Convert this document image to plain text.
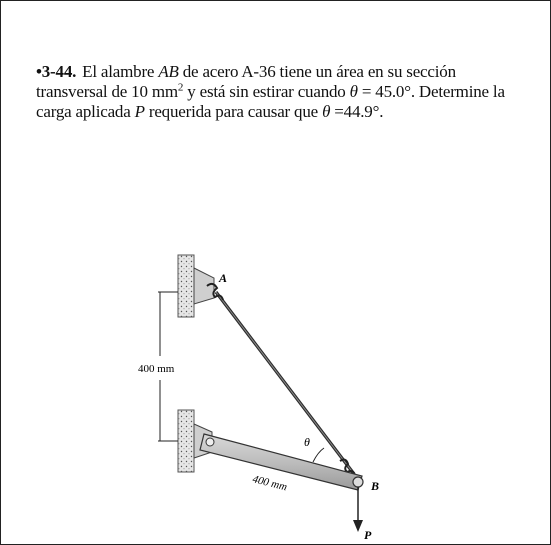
•3-44. El alambre AB de acero A-36 tiene un área en su sección transversal de 10 $mm^2$ y está sin estirar cuando θ = 45.0°. Determine la carga aplicada P requerida para causar que θ =44.9°.
A
B
P
θ
400 mm
400 mm
